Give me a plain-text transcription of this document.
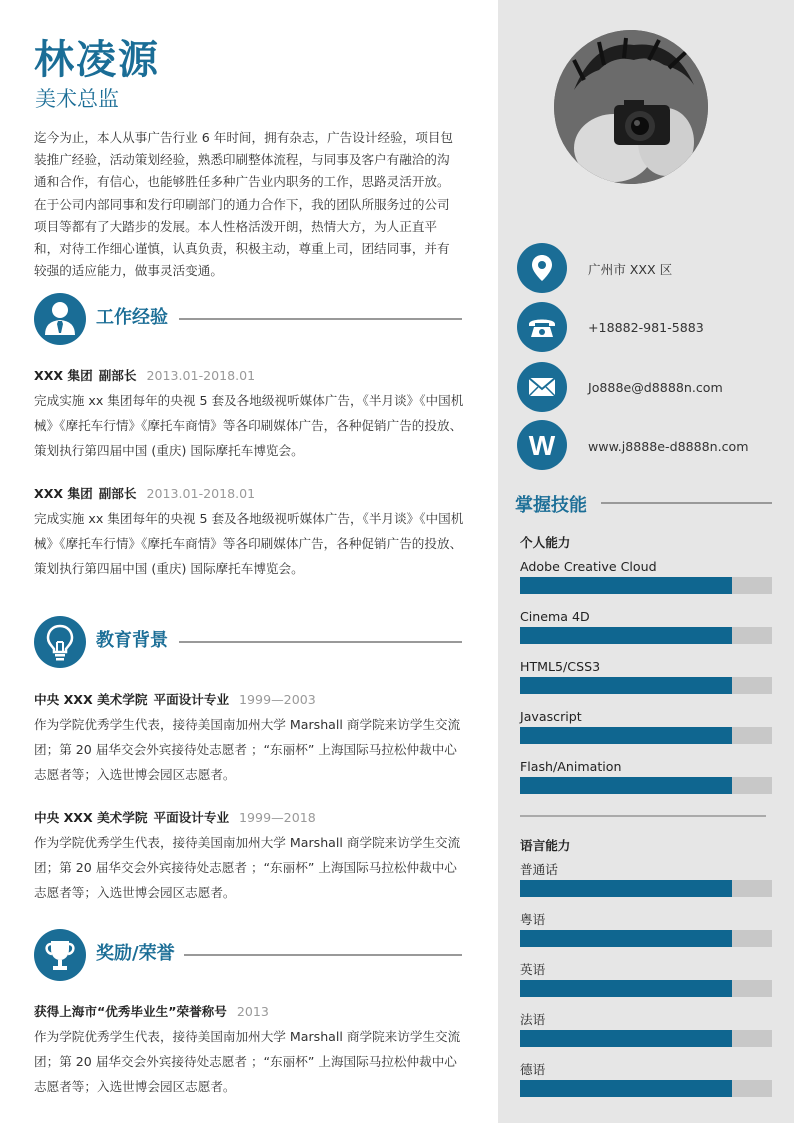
林凌源
美术总监
迄今为止，本人从事广告行业 6 年时间，拥有杂志，广告设计经验，项目包装推广经验，活动策划经验，熟悉印刷整体流程，与同事及客户有融洽的沟通和合作，有信心，也能够胜任多种广告业内职务的工作，思路灵活开放。在于公司内部同事和发行印刷部门的通力合作下，我的团队所服务过的公司项目等都有了大踏步的发展。本人性格活泼开朗，热情大方，为人正直平和，对待工作细心谨慎，认真负责，积极主动，尊重上司，团结同事，并有较强的适应能力，做事灵活变通。
工作经验
XXX 集团 副部长 2013.01-2018.01
完成实施 xx 集团每年的央视 5 套及各地级视听媒体广告，《半月谈》《中国机械》《摩托车行情》《摩托车商情》等各印刷媒体广告，各种促销广告的投放、策划执行第四届中国 (重庆) 国际摩托车博览会。
XXX 集团 副部长 2013.01-2018.01
完成实施 xx 集团每年的央视 5 套及各地级视听媒体广告，《半月谈》《中国机械》《摩托车行情》《摩托车商情》等各印刷媒体广告，各种促销广告的投放、策划执行第四届中国 (重庆) 国际摩托车博览会。
教育背景
中央 XXX 美术学院 平面设计专业 1999—2003
作为学院优秀学生代表，接待美国南加州大学 Marshall 商学院来访学生交流团；第 20 届华交会外宾接待处志愿者 ；“东丽杯” 上海国际马拉松仲裁中心志愿者等；入选世博会园区志愿者。
中央 XXX 美术学院 平面设计专业 1999—2018
作为学院优秀学生代表，接待美国南加州大学 Marshall 商学院来访学生交流团；第 20 届华交会外宾接待处志愿者 ；“东丽杯” 上海国际马拉松仲裁中心志愿者等；入选世博会园区志愿者。
奖励/荣誉
获得上海市“优秀毕业生”荣誉称号 2013
作为学院优秀学生代表，接待美国南加州大学 Marshall 商学院来访学生交流团；第 20 届华交会外宾接待处志愿者 ；“东丽杯” 上海国际马拉松仲裁中心志愿者等；入选世博会园区志愿者。
广州市 XXX 区
+18882-981-5883
Jo888e@d8888n.com
W	www.j8888e-d8888n.com
掌握技能
个人能力
Adobe Creative Cloud
Cinema 4D
HTML5/CSS3
Javascript
Flash/Animation
语言能力
普通话
粤语
英语
法语
德语
